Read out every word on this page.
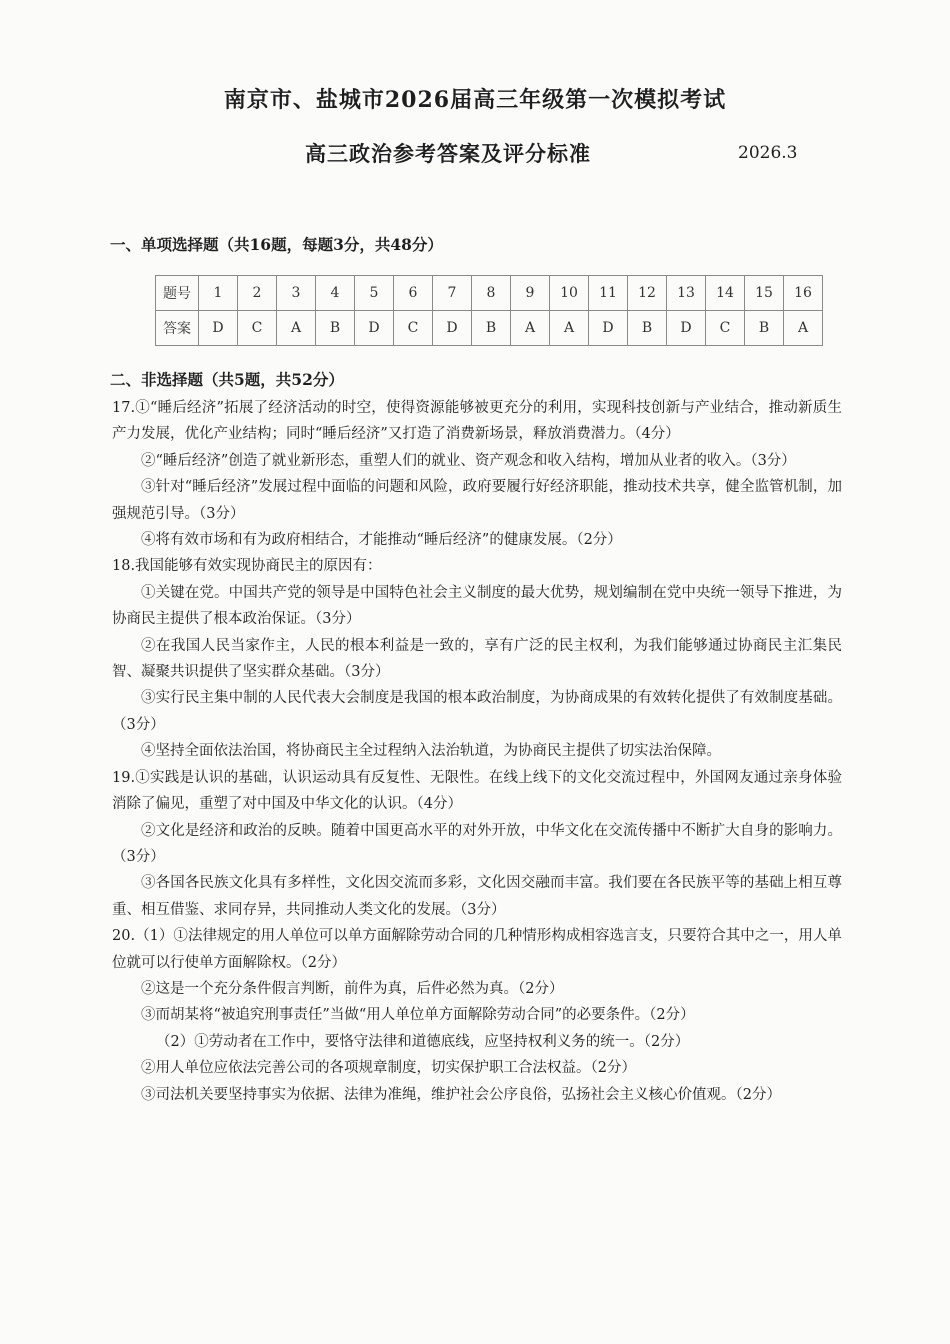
南京市、盐城市2026届高三年级第一次模拟考试
高三政治参考答案及评分标准	2026.3
一、单项选择题（共16题，每题3分，共48分）
题号	1	2	3	4	5	6	7	8	9	10	11	12	13	14	15	16
答案	D	C	A	B	D	C	D	B	A	A	D	B	D	C	B	A
二、非选择题（共5题，共52分）

17.①“睡后经济”拓展了经济活动的时空，使得资源能够被更充分的利用，实现科技创新与产业结合，推动新质生产力发展，优化产业结构；同时“睡后经济”又打造了消费新场景，释放消费潜力。（4分）

②“睡后经济”创造了就业新形态，重塑人们的就业、资产观念和收入结构，增加从业者的收入。（3分）

③针对“睡后经济”发展过程中面临的问题和风险，政府要履行好经济职能，推动技术共享，健全监管机制，加强规范引导。（3分）

④将有效市场和有为政府相结合，才能推动“睡后经济”的健康发展。（2分）

18.我国能够有效实现协商民主的原因有：

①关键在党。中国共产党的领导是中国特色社会主义制度的最大优势，规划编制在党中央统一领导下推进，为协商民主提供了根本政治保证。（3分）

②在我国人民当家作主，人民的根本利益是一致的，享有广泛的民主权利，为我们能够通过协商民主汇集民智、凝聚共识提供了坚实群众基础。（3分）

③实行民主集中制的人民代表大会制度是我国的根本政治制度，为协商成果的有效转化提供了有效制度基础。（3分）

④坚持全面依法治国，将协商民主全过程纳入法治轨道，为协商民主提供了切实法治保障。

19.①实践是认识的基础，认识运动具有反复性、无限性。在线上线下的文化交流过程中，外国网友通过亲身体验消除了偏见，重塑了对中国及中华文化的认识。（4分）

②文化是经济和政治的反映。随着中国更高水平的对外开放，中华文化在交流传播中不断扩大自身的影响力。（3分）

③各国各民族文化具有多样性，文化因交流而多彩，文化因交融而丰富。我们要在各民族平等的基础上相互尊重、相互借鉴、求同存异，共同推动人类文化的发展。（3分）

20.（1）①法律规定的用人单位可以单方面解除劳动合同的几种情形构成相容选言支，只要符合其中之一，用人单位就可以行使单方面解除权。（2分）

②这是一个充分条件假言判断，前件为真，后件必然为真。（2分）

③而胡某将“被追究刑事责任”当做“用人单位单方面解除劳动合同”的必要条件。（2分）

（2）①劳动者在工作中，要恪守法律和道德底线，应坚持权利义务的统一。（2分）

②用人单位应依法完善公司的各项规章制度，切实保护职工合法权益。（2分）

③司法机关要坚持事实为依据、法律为准绳，维护社会公序良俗，弘扬社会主义核心价值观。（2分）
